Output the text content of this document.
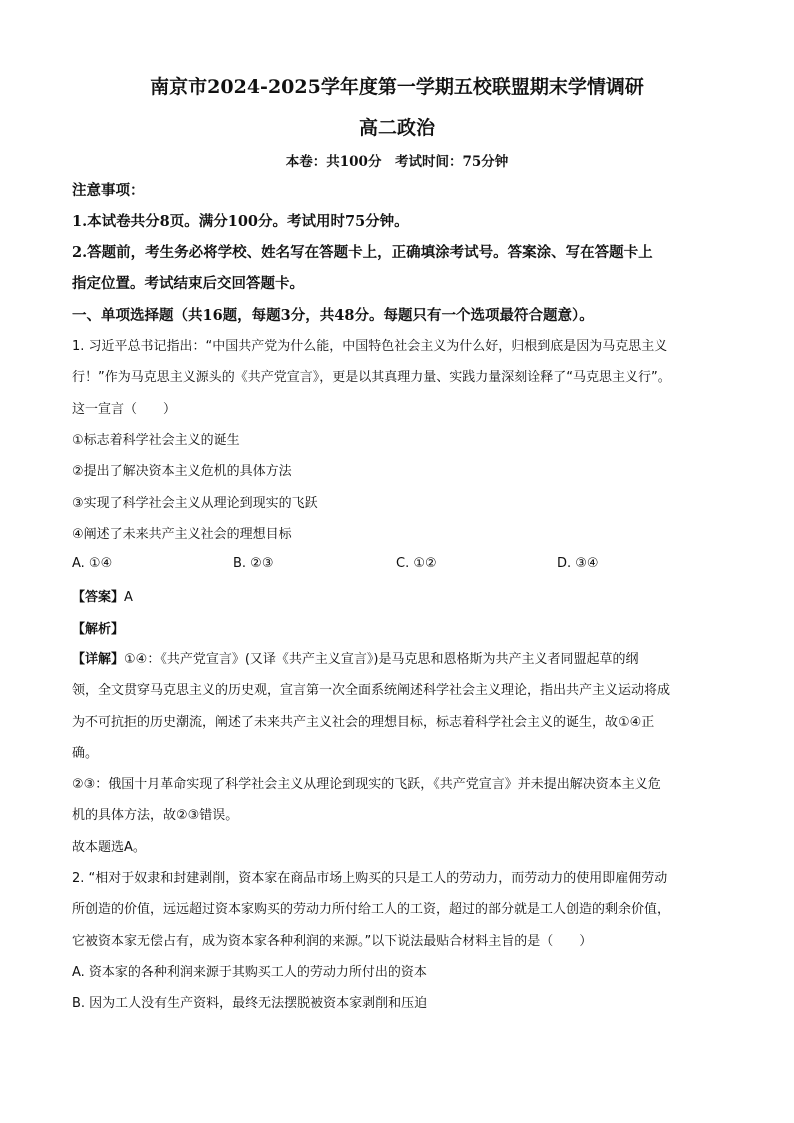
南京市2024-2025学年度第一学期五校联盟期末学情调研
高二政治
本卷：共100分　考试时间：75分钟
注意事项：
1.本试卷共分8页。满分100分。考试用时75分钟。
2.答题前，考生务必将学校、姓名写在答题卡上，正确填涂考试号。答案涂、写在答题卡上
指定位置。考试结束后交回答题卡。
一、单项选择题（共16题，每题3分，共48分。每题只有一个选项最符合题意）。
1. 习近平总书记指出：“中国共产党为什么能，中国特色社会主义为什么好，归根到底是因为马克思主义
行！”作为马克思主义源头的《共产党宣言》，更是以其真理力量、实践力量深刻诠释了“马克思主义行”。
这一宣言（　　）
①标志着科学社会主义的诞生
②提出了解决资本主义危机的具体方法
③实现了科学社会主义从理论到现实的飞跃
④阐述了未来共产主义社会的理想目标
A. ①④	B. ②③	C. ①②	D. ③④
【答案】A
【解析】
【详解】①④：《共产党宣言》(又译《共产主义宣言》)是马克思和恩格斯为共产主义者同盟起草的纲
领，全文贯穿马克思主义的历史观，宣言第一次全面系统阐述科学社会主义理论，指出共产主义运动将成
为不可抗拒的历史潮流，阐述了未来共产主义社会的理想目标，标志着科学社会主义的诞生，故①④正
确。
②③：俄国十月革命实现了科学社会主义从理论到现实的飞跃，《共产党宣言》并未提出解决资本主义危
机的具体方法，故②③错误。
故本题选A。
2. “相对于奴隶和封建剥削，资本家在商品市场上购买的只是工人的劳动力，而劳动力的使用即雇佣劳动
所创造的价值，远远超过资本家购买的劳动力所付给工人的工资，超过的部分就是工人创造的剩余价值，
它被资本家无偿占有，成为资本家各种利润的来源。”以下说法最贴合材料主旨的是（　　）
A. 资本家的各种利润来源于其购买工人的劳动力所付出的资本
B. 因为工人没有生产资料，最终无法摆脱被资本家剥削和压迫
